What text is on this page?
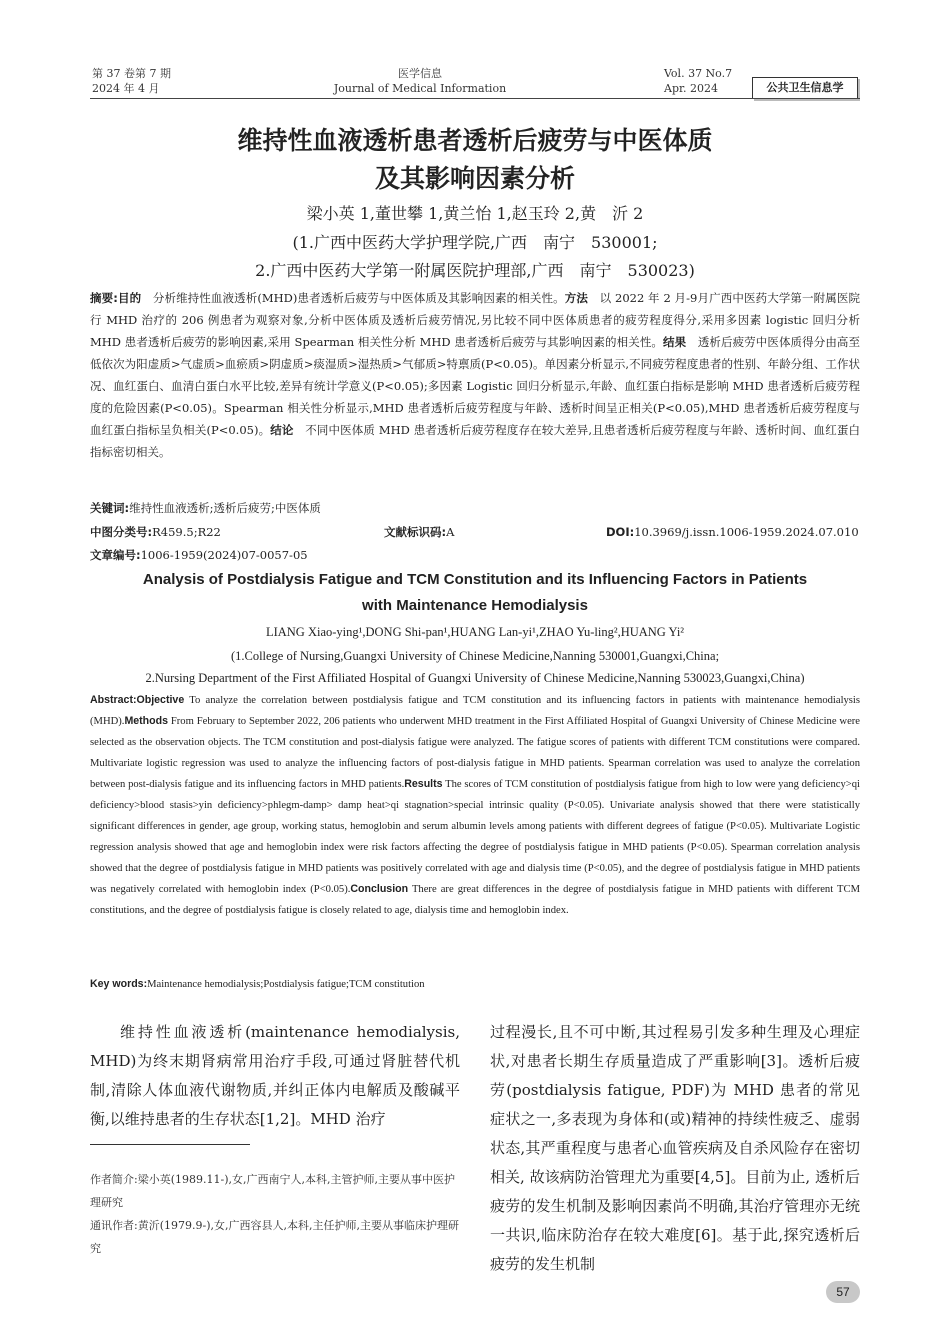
第 37 卷第 7 期
2024 年 4 月
医学信息
Journal of Medical Information
Vol. 37 No.7
Apr. 2024	公共卫生信息学
维持性血液透析患者透析后疲劳与中医体质
及其影响因素分析
梁小英 1,董世攀 1,黄兰怡 1,赵玉玲 2,黄　沂 2
(1.广西中医药大学护理学院,广西　南宁　530001;
2.广西中医药大学第一附属医院护理部,广西　南宁　530023)
摘要:目的　 分析维持性血液透析(MHD)患者透析后疲劳与中医体质及其影响因素的相关性。方法　 以 2022 年 2 月-9月广西中医药大学第一附属医院行 MHD 治疗的 206 例患者为观察对象,分析中医体质及透析后疲劳情况,另比较不同中医体质患者的疲劳程度得分,采用多因素 logistic 回归分析 MHD 患者透析后疲劳的影响因素,采用 Spearman 相关性分析 MHD 患者透析后疲劳与其影响因素的相关性。结果　 透析后疲劳中医体质得分由高至低依次为阳虚质>气虚质>血瘀质>阴虚质>痰湿质>湿热质>气郁质>特禀质(P<0.05)。单因素分析显示,不同疲劳程度患者的性别、年龄分组、工作状况、血红蛋白、血清白蛋白水平比较,差异有统计学意义(P<0.05);多因素 Logistic 回归分析显示,年龄、血红蛋白指标是影响 MHD 患者透析后疲劳程度的危险因素(P<0.05)。Spearman 相关性分析显示,MHD 患者透析后疲劳程度与年龄、透析时间呈正相关(P<0.05),MHD 患者透析后疲劳程度与血红蛋白指标呈负相关(P<0.05)。结论　 不同中医体质 MHD 患者透析后疲劳程度存在较大差异,且患者透析后疲劳程度与年龄、透析时间、血红蛋白指标密切相关。
关键词:维持性血液透析;透析后疲劳;中医体质
中图分类号:R459.5;R22	文献标识码:A	DOI:10.3969/j.issn.1006-1959.2024.07.010
文章编号:1006-1959(2024)07-0057-05
Analysis of Postdialysis Fatigue and TCM Constitution and its Influencing Factors in Patients
with Maintenance Hemodialysis
LIANG Xiao-ying¹,DONG Shi-pan¹,HUANG Lan-yi¹,ZHAO Yu-ling²,HUANG Yi²
(1.College of Nursing,Guangxi University of Chinese Medicine,Nanning 530001,Guangxi,China;
2.Nursing Department of the First Affiliated Hospital of Guangxi University of Chinese Medicine,Nanning 530023,Guangxi,China)
Abstract:Objective To analyze the correlation between postdialysis fatigue and TCM constitution and its influencing factors in patients with maintenance hemodialysis (MHD).Methods From February to September 2022, 206 patients who underwent MHD treatment in the First Affiliated Hospital of Guangxi University of Chinese Medicine were selected as the observation objects. The TCM constitution and post-dialysis fatigue were analyzed. The fatigue scores of patients with different TCM constitutions were compared. Multivariate logistic regression was used to analyze the influencing factors of post-dialysis fatigue in MHD patients. Spearman correlation was used to analyze the correlation between post-dialysis fatigue and its influencing factors in MHD patients.Results The scores of TCM constitution of postdialysis fatigue from high to low were yang deficiency>qi deficiency>blood stasis>yin deficiency>phlegm-damp> damp heat>qi stagnation>special intrinsic quality (P<0.05). Univariate analysis showed that there were statistically significant differences in gender, age group, working status, hemoglobin and serum albumin levels among patients with different degrees of fatigue (P<0.05). Multivariate Logistic regression analysis showed that age and hemoglobin index were risk factors affecting the degree of postdialysis fatigue in MHD patients (P<0.05). Spearman correlation analysis showed that the degree of postdialysis fatigue in MHD patients was positively correlated with age and dialysis time (P<0.05), and the degree of postdialysis fatigue in MHD patients was negatively correlated with hemoglobin index (P<0.05).Conclusion There are great differences in the degree of postdialysis fatigue in MHD patients with different TCM constitutions, and the degree of postdialysis fatigue is closely related to age, dialysis time and hemoglobin index.
Key words:Maintenance hemodialysis;Postdialysis fatigue;TCM constitution
维持性血液透析(maintenance hemodialysis, MHD)为终末期肾病常用治疗手段,可通过肾脏替代机制,清除人体血液代谢物质,并纠正体内电解质及酸碱平衡,以维持患者的生存状态[1,2]。MHD 治疗
过程漫长,且不可中断,其过程易引发多种生理及心理症状,对患者长期生存质量造成了严重影响[3]。透析后疲劳(postdialysis fatigue, PDF)为 MHD 患者的常见症状之一,多表现为身体和(或)精神的持续性疲乏、虚弱状态,其严重程度与患者心血管疾病及自杀风险存在密切相关, 故该病防治管理尤为重要[4,5]。目前为止, 透析后疲劳的发生机制及影响因素尚不明确,其治疗管理亦无统一共识,临床防治存在较大难度[6]。基于此,探究透析后疲劳的发生机制
作者简介:梁小英(1989.11-),女,广西南宁人,本科,主管护师,主要从事中医护理研究
通讯作者:黄沂(1979.9-),女,广西容县人,本科,主任护师,主要从事临床护理研究
57
